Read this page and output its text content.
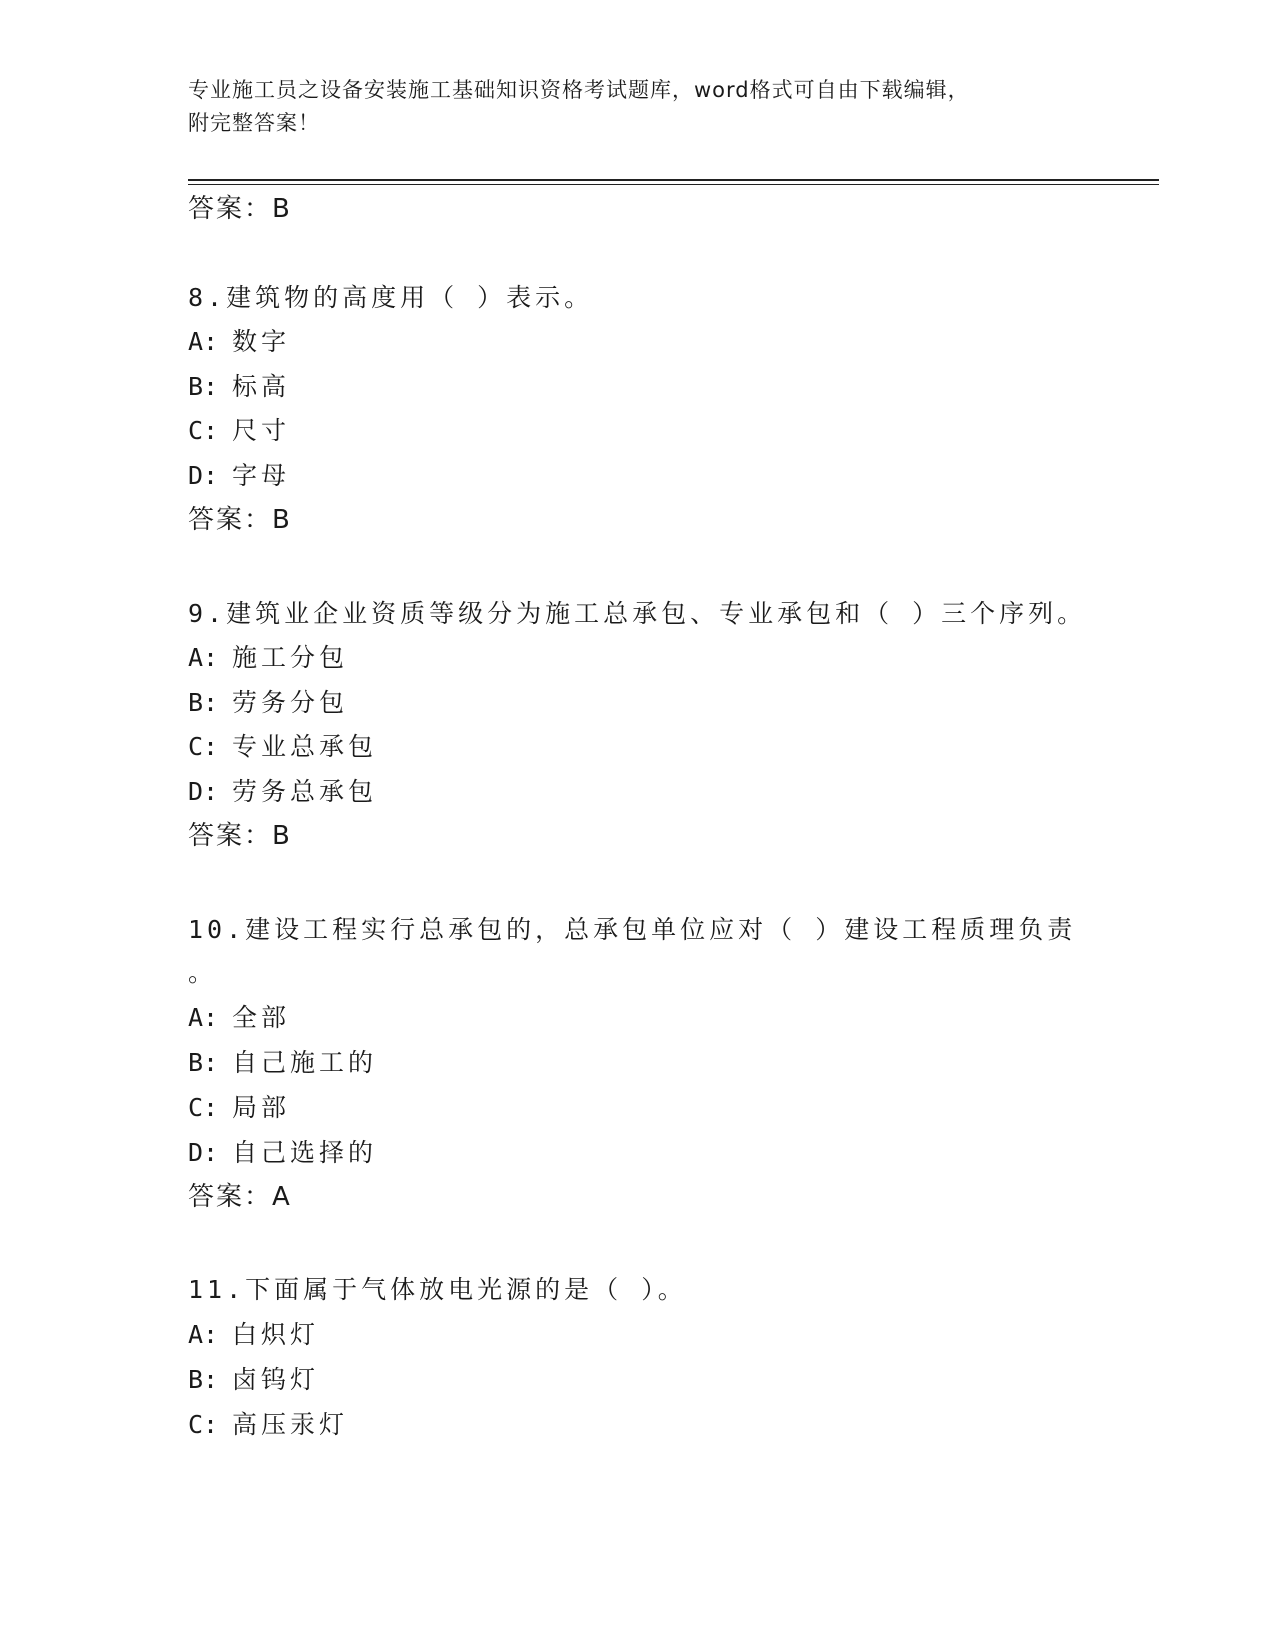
专业施工员之设备安装施工基础知识资格考试题库，word格式可自由下载编辑，
附完整答案！
答案：B
8.建筑物的高度用（ ）表示。
A: 数字
B: 标高
C: 尺寸
D: 字母
答案：B
9.建筑业企业资质等级分为施工总承包、专业承包和（ ）三个序列。
A: 施工分包
B: 劳务分包
C: 专业总承包
D: 劳务总承包
答案：B
10.建设工程实行总承包的，总承包单位应对（ ）建设工程质理负责
。
A: 全部
B: 自己施工的
C: 局部
D: 自己选择的
答案：A
11.下面属于气体放电光源的是（ ）。
A: 白炽灯
B: 卤钨灯
C: 高压汞灯
